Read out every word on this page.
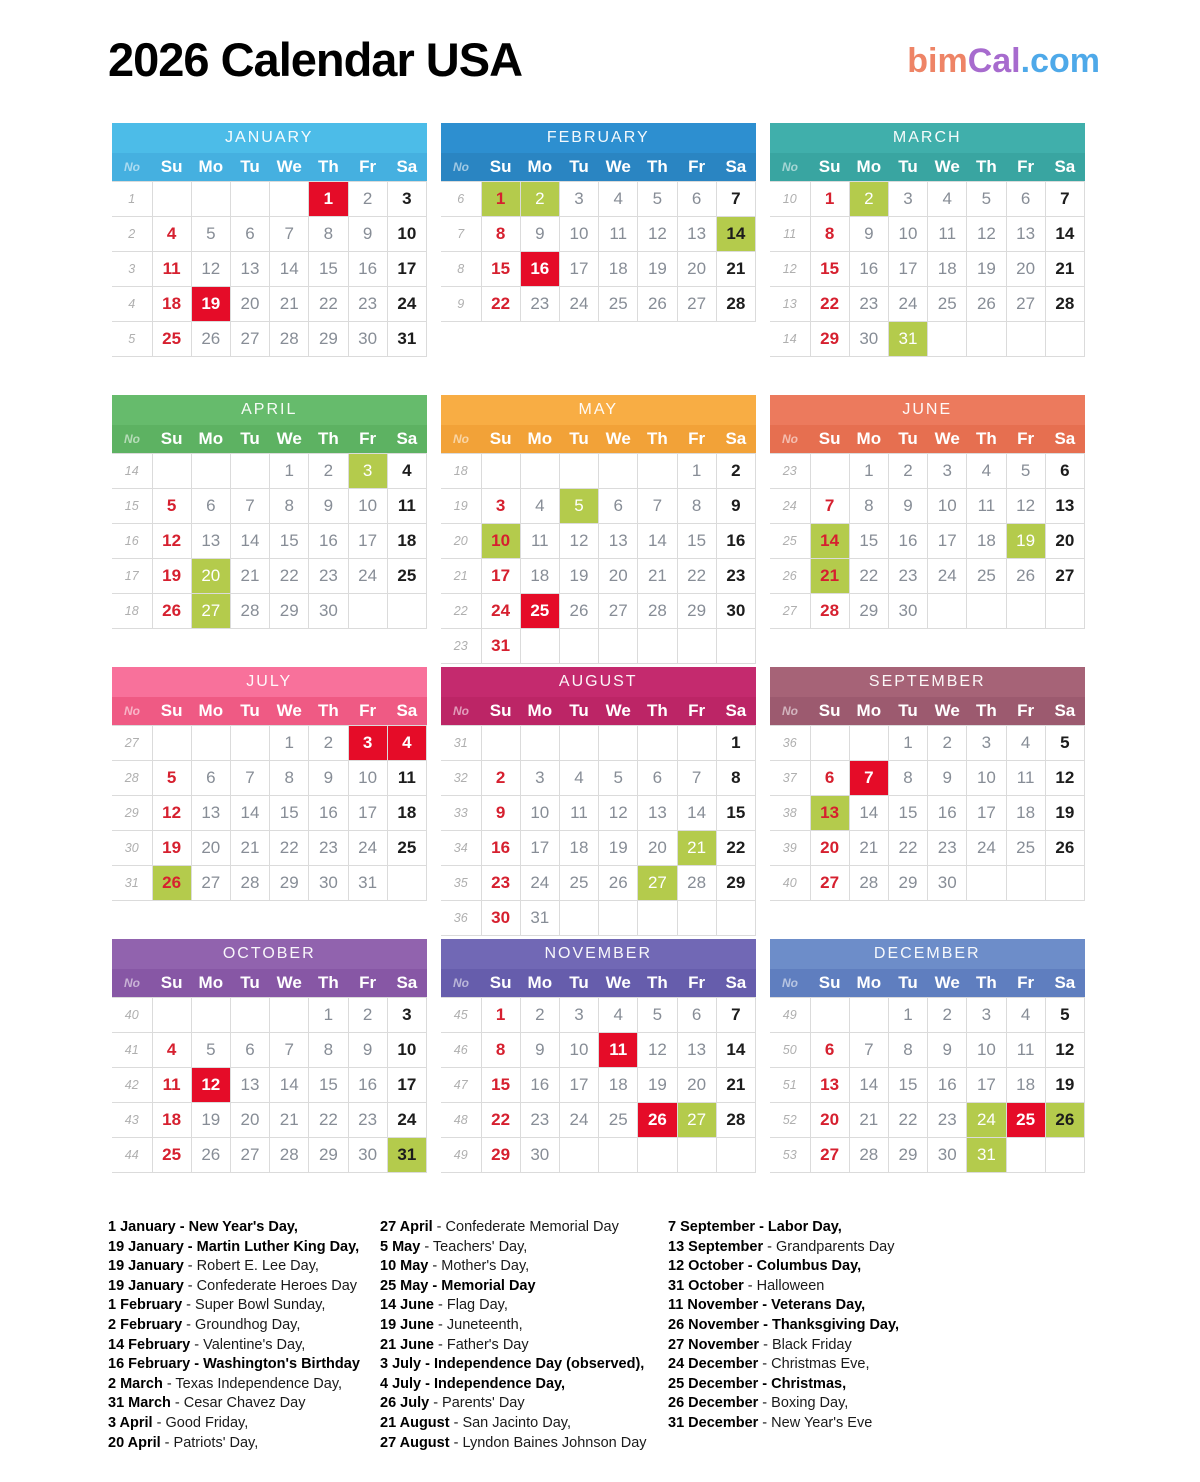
2026 Calendar USA	bimCal.com
JANUARY							
No	Su	Mo	Tu	We	Th	Fr	Sa
1					1	2	3
2	4	5	6	7	8	9	10
3	11	12	13	14	15	16	17
4	18	19	20	21	22	23	24
5	25	26	27	28	29	30	31
FEBRUARY							
No	Su	Mo	Tu	We	Th	Fr	Sa
6	1	2	3	4	5	6	7
7	8	9	10	11	12	13	14
8	15	16	17	18	19	20	21
9	22	23	24	25	26	27	28
MARCH							
No	Su	Mo	Tu	We	Th	Fr	Sa
10	1	2	3	4	5	6	7
11	8	9	10	11	12	13	14
12	15	16	17	18	19	20	21
13	22	23	24	25	26	27	28
14	29	30	31				
APRIL							
No	Su	Mo	Tu	We	Th	Fr	Sa
14				1	2	3	4
15	5	6	7	8	9	10	11
16	12	13	14	15	16	17	18
17	19	20	21	22	23	24	25
18	26	27	28	29	30		
MAY							
No	Su	Mo	Tu	We	Th	Fr	Sa
18						1	2
19	3	4	5	6	7	8	9
20	10	11	12	13	14	15	16
21	17	18	19	20	21	22	23
22	24	25	26	27	28	29	30
23	31						
JUNE							
No	Su	Mo	Tu	We	Th	Fr	Sa
23		1	2	3	4	5	6
24	7	8	9	10	11	12	13
25	14	15	16	17	18	19	20
26	21	22	23	24	25	26	27
27	28	29	30				
JULY							
No	Su	Mo	Tu	We	Th	Fr	Sa
27				1	2	3	4
28	5	6	7	8	9	10	11
29	12	13	14	15	16	17	18
30	19	20	21	22	23	24	25
31	26	27	28	29	30	31	
AUGUST							
No	Su	Mo	Tu	We	Th	Fr	Sa
31							1
32	2	3	4	5	6	7	8
33	9	10	11	12	13	14	15
34	16	17	18	19	20	21	22
35	23	24	25	26	27	28	29
36	30	31					
SEPTEMBER							
No	Su	Mo	Tu	We	Th	Fr	Sa
36			1	2	3	4	5
37	6	7	8	9	10	11	12
38	13	14	15	16	17	18	19
39	20	21	22	23	24	25	26
40	27	28	29	30			
OCTOBER							
No	Su	Mo	Tu	We	Th	Fr	Sa
40					1	2	3
41	4	5	6	7	8	9	10
42	11	12	13	14	15	16	17
43	18	19	20	21	22	23	24
44	25	26	27	28	29	30	31
NOVEMBER							
No	Su	Mo	Tu	We	Th	Fr	Sa
45	1	2	3	4	5	6	7
46	8	9	10	11	12	13	14
47	15	16	17	18	19	20	21
48	22	23	24	25	26	27	28
49	29	30					
DECEMBER							
No	Su	Mo	Tu	We	Th	Fr	Sa
49			1	2	3	4	5
50	6	7	8	9	10	11	12
51	13	14	15	16	17	18	19
52	20	21	22	23	24	25	26
53	27	28	29	30	31		
1 January - New Year's Day,
19 January - Martin Luther King Day,
19 January - Robert E. Lee Day,
19 January - Confederate Heroes Day
1 February - Super Bowl Sunday,
2 February - Groundhog Day,
14 February - Valentine's Day,
16 February - Washington's Birthday
2 March - Texas Independence Day,
31 March - Cesar Chavez Day
3 April - Good Friday,
20 April - Patriots' Day,
27 April - Confederate Memorial Day
5 May - Teachers' Day,
10 May - Mother's Day,
25 May - Memorial Day
14 June - Flag Day,
19 June - Juneteenth,
21 June - Father's Day
3 July - Independence Day (observed),
4 July - Independence Day,
26 July - Parents' Day
21 August - San Jacinto Day,
27 August - Lyndon Baines Johnson Day
7 September - Labor Day,
13 September - Grandparents Day
12 October - Columbus Day,
31 October - Halloween
11 November - Veterans Day,
26 November - Thanksgiving Day,
27 November - Black Friday
24 December - Christmas Eve,
25 December - Christmas,
26 December - Boxing Day,
31 December - New Year's Eve
